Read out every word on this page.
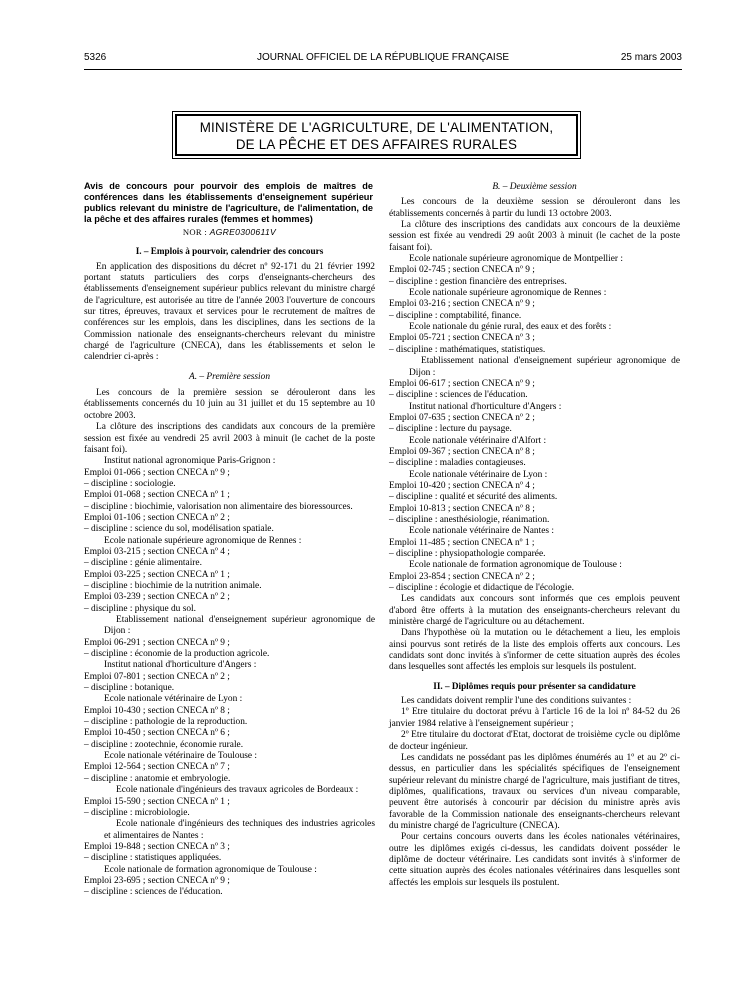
5326	JOURNAL OFFICIEL DE LA RÉPUBLIQUE FRANÇAISE	25 mars 2003
MINISTÈRE DE L'AGRICULTURE, DE L'ALIMENTATION,
DE LA PÊCHE ET DES AFFAIRES RURALES
Avis de concours pour pourvoir des emplois de maîtres de conférences dans les établissements d'enseignement supérieur publics relevant du ministre de l'agriculture, de l'alimentation, de la pêche et des affaires rurales (femmes et hommes)
NOR : AGRE0300611V
I. – Emplois à pourvoir, calendrier des concours
En application des dispositions du décret nº 92-171 du 21 février 1992 portant statuts particuliers des corps d'enseignants-chercheurs des établissements d'enseignement supérieur publics relevant du ministre chargé de l'agriculture, est autorisée au titre de l'année 2003 l'ouverture de concours sur titres, épreuves, travaux et services pour le recrutement de maîtres de conférences sur les emplois, dans les disciplines, dans les sections de la Commission nationale des enseignants-chercheurs relevant du ministre chargé de l'agriculture (CNECA), dans les établissements et selon le calendrier ci-après :
A. – Première session
Les concours de la première session se dérouleront dans les établissements concernés du 10 juin au 31 juillet et du 15 septembre au 10 octobre 2003.
La clôture des inscriptions des candidats aux concours de la première session est fixée au vendredi 25 avril 2003 à minuit (le cachet de la poste faisant foi).
Institut national agronomique Paris-Grignon :
Emploi 01-066 ; section CNECA nº 9 ;
– discipline : sociologie.
Emploi 01-068 ; section CNECA nº 1 ;
– discipline : biochimie, valorisation non alimentaire des bioressources.
Emploi 01-106 ; section CNECA nº 2 ;
– discipline : science du sol, modélisation spatiale.
Ecole nationale supérieure agronomique de Rennes :
Emploi 03-215 ; section CNECA nº 4 ;
– discipline : génie alimentaire.
Emploi 03-225 ; section CNECA nº 1 ;
– discipline : biochimie de la nutrition animale.
Emploi 03-239 ; section CNECA nº 2 ;
– discipline : physique du sol.
Etablissement national d'enseignement supérieur agronomique de Dijon :
Emploi 06-291 ; section CNECA nº 9 ;
– discipline : économie de la production agricole.
Institut national d'horticulture d'Angers :
Emploi 07-801 ; section CNECA nº 2 ;
– discipline : botanique.
Ecole nationale vétérinaire de Lyon :
Emploi 10-430 ; section CNECA nº 8 ;
– discipline : pathologie de la reproduction.
Emploi 10-450 ; section CNECA nº 6 ;
– discipline : zootechnie, économie rurale.
Ecole nationale vétérinaire de Toulouse :
Emploi 12-564 ; section CNECA nº 7 ;
– discipline : anatomie et embryologie.
Ecole nationale d'ingénieurs des travaux agricoles de Bordeaux :
Emploi 15-590 ; section CNECA nº 1 ;
– discipline : microbiologie.
Ecole nationale d'ingénieurs des techniques des industries agricoles et alimentaires de Nantes :
Emploi 19-848 ; section CNECA nº 3 ;
– discipline : statistiques appliquées.
Ecole nationale de formation agronomique de Toulouse :
Emploi 23-695 ; section CNECA nº 9 ;
– discipline : sciences de l'éducation.
B. – Deuxième session
Les concours de la deuxième session se dérouleront dans les établissements concernés à partir du lundi 13 octobre 2003.
La clôture des inscriptions des candidats aux concours de la deuxième session est fixée au vendredi 29 août 2003 à minuit (le cachet de la poste faisant foi).
Ecole nationale supérieure agronomique de Montpellier :
Emploi 02-745 ; section CNECA nº 9 ;
– discipline : gestion financière des entreprises.
Ecole nationale supérieure agronomique de Rennes :
Emploi 03-216 ; section CNECA nº 9 ;
– discipline : comptabilité, finance.
Ecole nationale du génie rural, des eaux et des forêts :
Emploi 05-721 ; section CNECA nº 3 ;
– discipline : mathématiques, statistiques.
Etablissement national d'enseignement supérieur agronomique de Dijon :
Emploi 06-617 ; section CNECA nº 9 ;
– discipline : sciences de l'éducation.
Institut national d'horticulture d'Angers :
Emploi 07-635 ; section CNECA nº 2 ;
– discipline : lecture du paysage.
Ecole nationale vétérinaire d'Alfort :
Emploi 09-367 ; section CNECA nº 8 ;
– discipline : maladies contagieuses.
Ecole nationale vétérinaire de Lyon :
Emploi 10-420 ; section CNECA nº 4 ;
– discipline : qualité et sécurité des aliments.
Emploi 10-813 ; section CNECA nº 8 ;
– discipline : anesthésiologie, réanimation.
Ecole nationale vétérinaire de Nantes :
Emploi 11-485 ; section CNECA nº 1 ;
– discipline : physiopathologie comparée.
Ecole nationale de formation agronomique de Toulouse :
Emploi 23-854 ; section CNECA nº 2 ;
– discipline : écologie et didactique de l'écologie.
Les candidats aux concours sont informés que ces emplois peuvent d'abord être offerts à la mutation des enseignants-chercheurs relevant du ministère chargé de l'agriculture ou au détachement.
Dans l'hypothèse où la mutation ou le détachement a lieu, les emplois ainsi pourvus sont retirés de la liste des emplois offerts aux concours. Les candidats sont donc invités à s'informer de cette situation auprès des écoles dans lesquelles sont affectés les emplois sur lesquels ils postulent.
II. – Diplômes requis pour présenter sa candidature
Les candidats doivent remplir l'une des conditions suivantes :
1º Etre titulaire du doctorat prévu à l'article 16 de la loi nº 84-52 du 26 janvier 1984 relative à l'enseignement supérieur ;
2º Etre titulaire du doctorat d'Etat, doctorat de troisième cycle ou diplôme de docteur ingénieur.
Les candidats ne possédant pas les diplômes énumérés au 1º et au 2º ci-dessus, en particulier dans les spécialités spécifiques de l'enseignement supérieur relevant du ministre chargé de l'agriculture, mais justifiant de titres, diplômes, qualifications, travaux ou services d'un niveau comparable, peuvent être autorisés à concourir par décision du ministre après avis favorable de la Commission nationale des enseignants-chercheurs relevant du ministre chargé de l'agriculture (CNECA).
Pour certains concours ouverts dans les écoles nationales vétérinaires, outre les diplômes exigés ci-dessus, les candidats doivent posséder le diplôme de docteur vétérinaire. Les candidats sont invités à s'informer de cette situation auprès des écoles nationales vétérinaires dans lesquelles sont affectés les emplois sur lesquels ils postulent.
